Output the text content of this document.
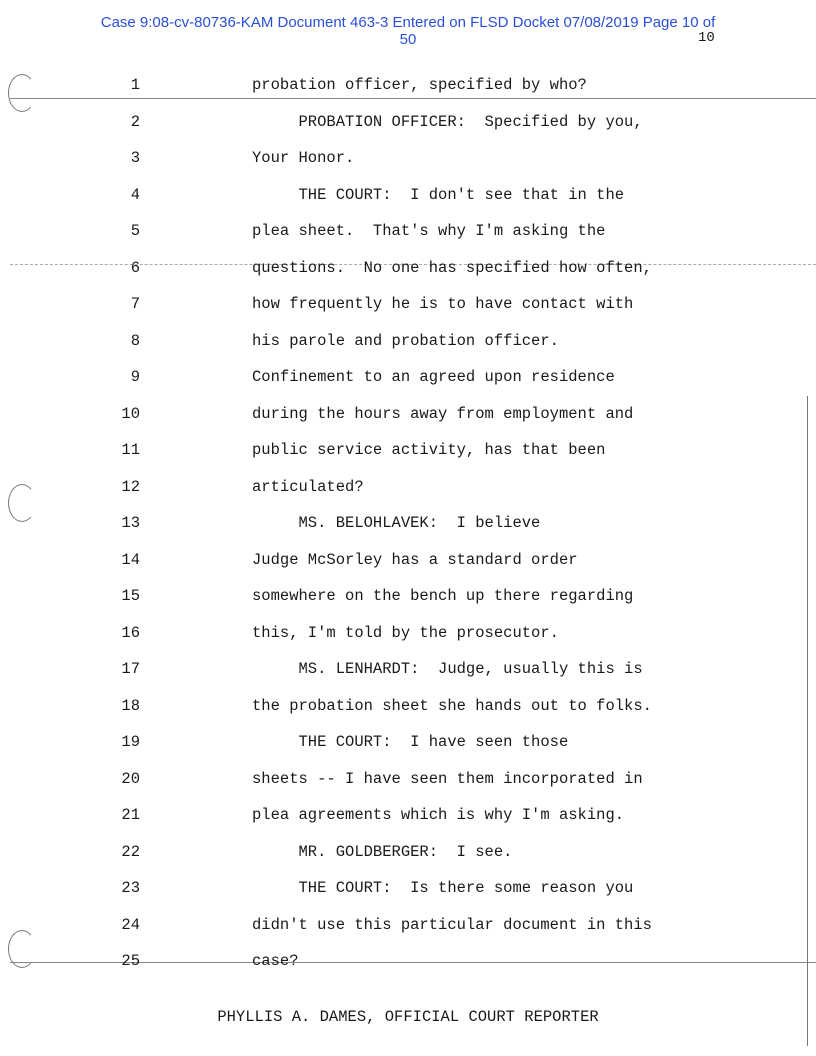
Case 9:08-cv-80736-KAM Document 463-3 Entered on FLSD Docket 07/08/2019 Page 10 of
50	10
1	probation officer, specified by who?
2	PROBATION OFFICER:  Specified by you,
3	Your Honor.
4	THE COURT:  I don't see that in the
5	plea sheet.  That's why I'm asking the
6	questions.  No one has specified how often,
7	how frequently he is to have contact with
8	his parole and probation officer.
9	Confinement to an agreed upon residence
10	during the hours away from employment and
11	public service activity, has that been
12	articulated?
13	MS. BELOHLAVEK:  I believe
14	Judge McSorley has a standard order
15	somewhere on the bench up there regarding
16	this, I'm told by the prosecutor.
17	MS. LENHARDT:  Judge, usually this is
18	the probation sheet she hands out to folks.
19	THE COURT:  I have seen those
20	sheets -- I have seen them incorporated in
21	plea agreements which is why I'm asking.
22	MR. GOLDBERGER:  I see.
23	THE COURT:  Is there some reason you
24	didn't use this particular document in this
25	case?
PHYLLIS A. DAMES, OFFICIAL COURT REPORTER
